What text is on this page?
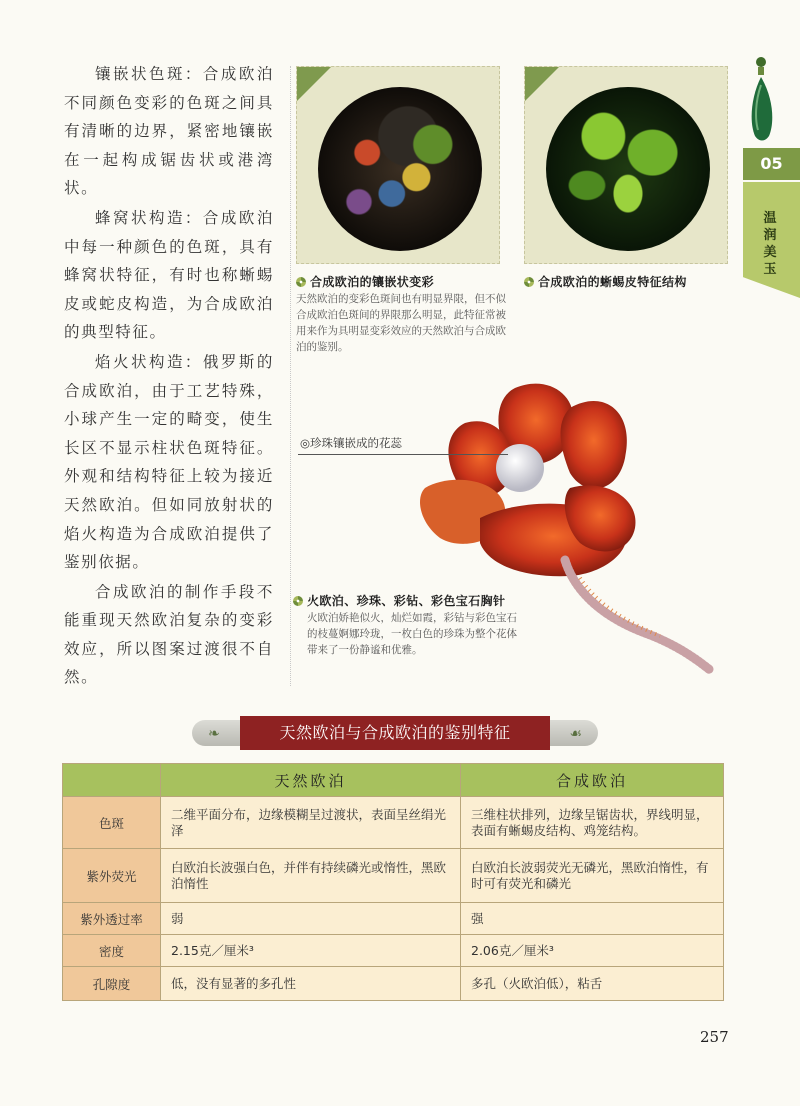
镶嵌状色斑：合成欧泊不同颜色变彩的色斑之间具有清晰的边界，紧密地镶嵌在一起构成锯齿状或港湾状。

蜂窝状构造：合成欧泊中每一种颜色的色斑，具有蜂窝状特征，有时也称蜥蜴皮或蛇皮构造，为合成欧泊的典型特征。

焰火状构造：俄罗斯的合成欧泊，由于工艺特殊，小球产生一定的畸变，使生长区不显示柱状色斑特征。外观和结构特征上较为接近天然欧泊。但如同放射状的焰火构造为合成欧泊提供了鉴别依据。

合成欧泊的制作手段不能重现天然欧泊复杂的变彩效应，所以图案过渡很不自然。

合成欧泊的镶嵌状变彩
天然欧泊的变彩色斑间也有明显界限，但不似合成欧泊色斑间的界限那么明显，此特征常被用来作为具明显变彩效应的天然欧泊与合成欧泊的鉴别。
合成欧泊的蜥蜴皮特征结构
◎珍珠镶嵌成的花蕊
火欧泊、珍珠、彩钻、彩色宝石胸针
火欧泊娇艳似火，灿烂如霞，彩钻与彩色宝石的枝蔓婀娜玲珑，一枚白色的珍珠为整个花体带来了一份静谧和优雅。
05
温润美玉
❧	☙
天然欧泊与合成欧泊的鉴别特征
	天然欧泊	合成欧泊
色斑	二维平面分布，边缘模糊呈过渡状，表面呈丝绢光泽	三维柱状排列，边缘呈锯齿状，界线明显，表面有蜥蜴皮结构、鸡笼结构。
紫外荧光	白欧泊长波强白色，并伴有持续磷光或惰性，黑欧泊惰性	白欧泊长波弱荧光无磷光，黑欧泊惰性，有时可有荧光和磷光
紫外透过率	弱	强
密度	2.15克／厘米³	2.06克／厘米³
孔隙度	低，没有显著的多孔性	多孔（火欧泊低），粘舌
257
